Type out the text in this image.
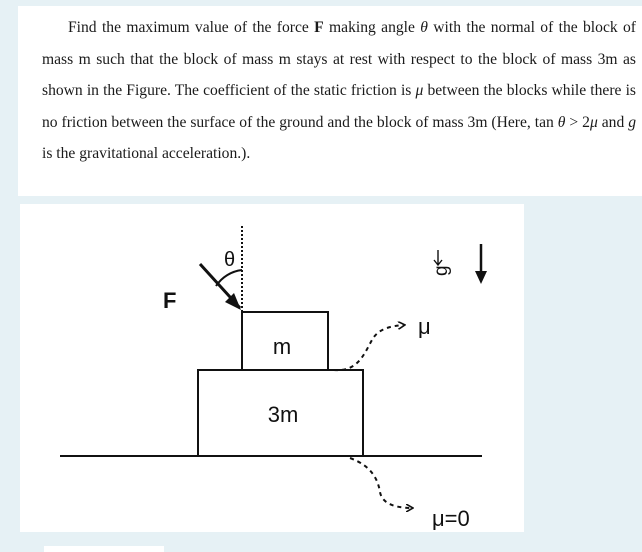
Find the maximum value of the force F making angle θ with the normal of the block of mass m such that the block of mass m stays at rest with respect to the block of mass 3m as shown in the Figure. The coefficient of the static friction is μ between the blocks while there is no friction between the surface of the ground and the block of mass 3m (Here, tan θ > 2μ and g is the gravitational acceleration.).
3m
m
F
θ	g
μ
μ=0
